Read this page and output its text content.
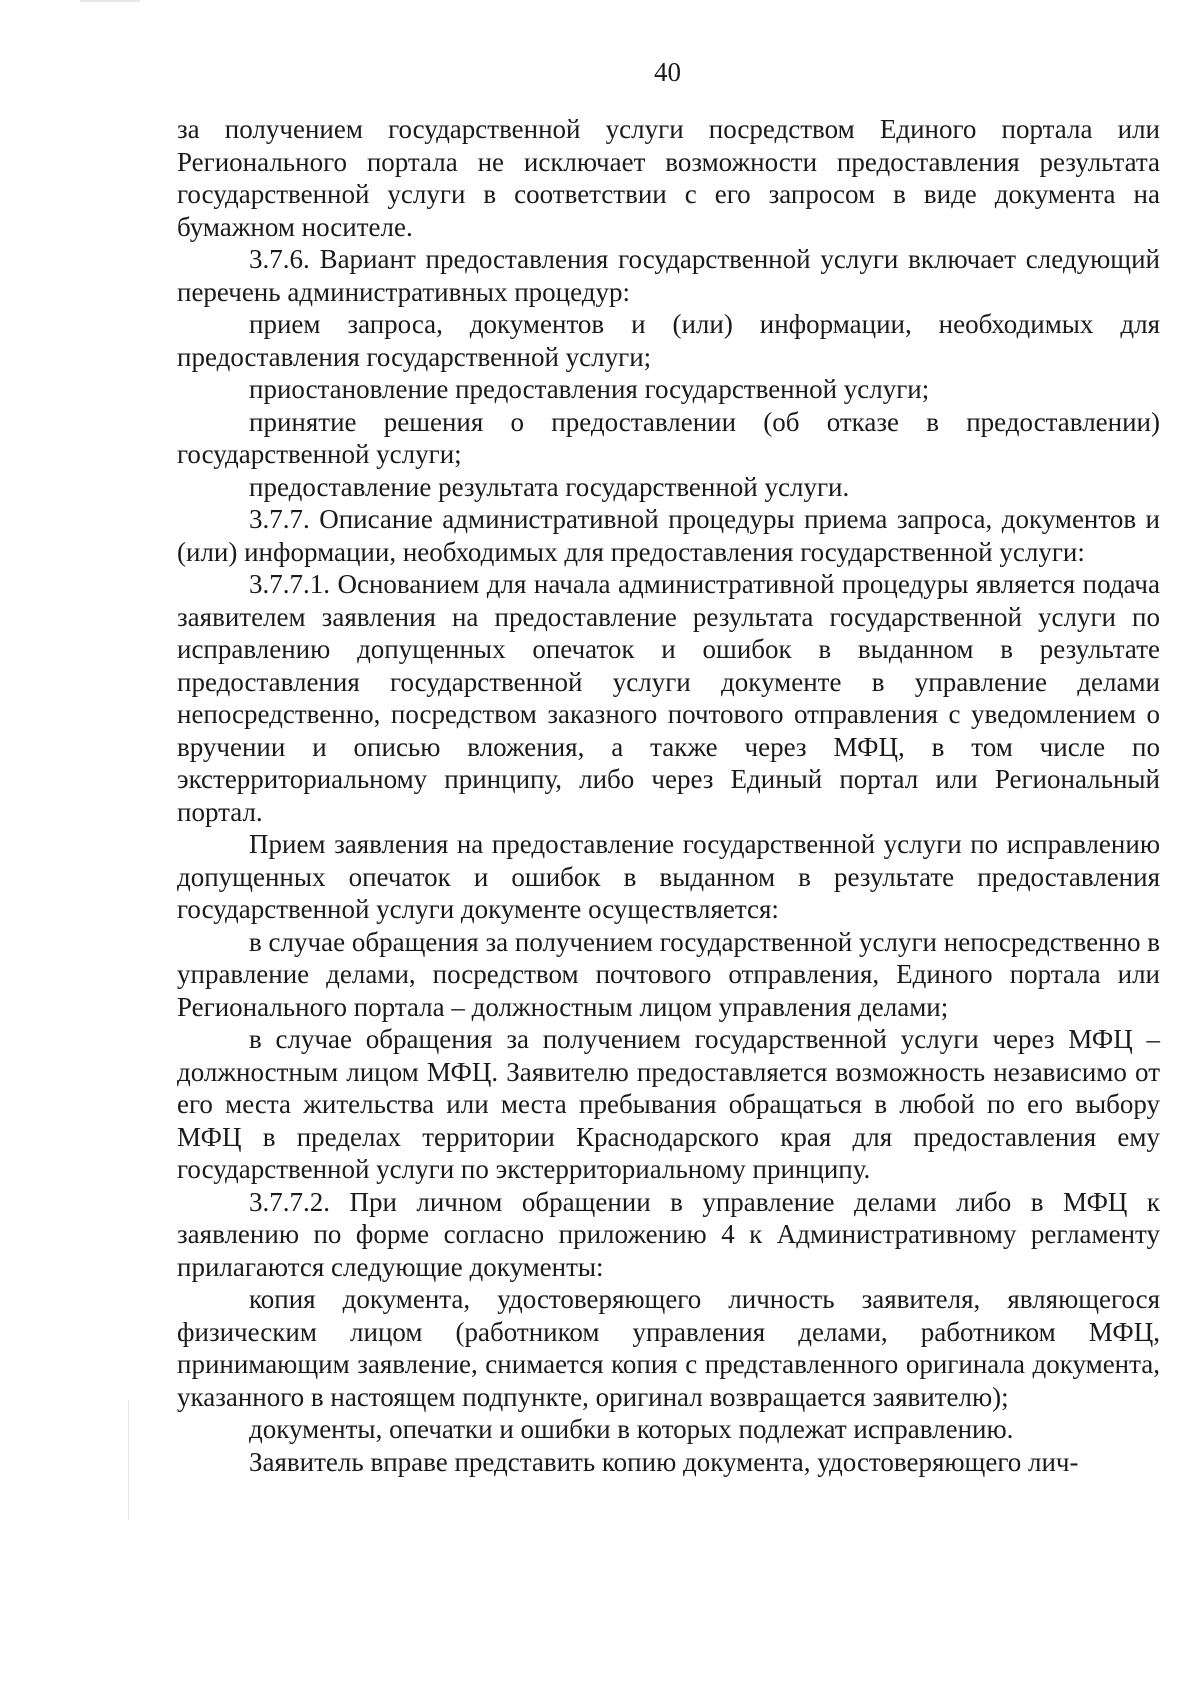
40

за получением государственной услуги посредством Единого портала или Регионального портала не исключает возможности предоставления результата государственной услуги в соответствии с его запросом в виде документа на бумажном носителе.

3.7.6. Вариант предоставления государственной услуги включает следующий перечень административных процедур:

прием запроса, документов и (или) информации, необходимых для предоставления государственной услуги;

приостановление предоставления государственной услуги;

принятие решения о предоставлении (об отказе в предоставлении) государственной услуги;

предоставление результата государственной услуги.

3.7.7. Описание административной процедуры приема запроса, документов и (или) информации, необходимых для предоставления государственной услуги:

3.7.7.1. Основанием для начала административной процедуры является подача заявителем заявления на предоставление результата государственной услуги по исправлению допущенных опечаток и ошибок в выданном в результате предоставления государственной услуги документе в управление делами непосредственно, посредством заказного почтового отправления с уведомлением о вручении и описью вложения, а также через МФЦ, в том числе по экстерриториальному принципу, либо через Единый портал или Региональный портал.

Прием заявления на предоставление государственной услуги по исправлению допущенных опечаток и ошибок в выданном в результате предоставления государственной услуги документе осуществляется:

в случае обращения за получением государственной услуги непосредственно в управление делами, посредством почтового отправления, Единого портала или Регионального портала – должностным лицом управления делами;

в случае обращения за получением государственной услуги через МФЦ – должностным лицом МФЦ. Заявителю предоставляется возможность независимо от его места жительства или места пребывания обращаться в любой по его выбору МФЦ в пределах территории Краснодарского края для предоставления ему государственной услуги по экстерриториальному принципу.

3.7.7.2. При личном обращении в управление делами либо в МФЦ к заявлению по форме согласно приложению 4 к Административному регламенту прилагаются следующие документы:

копия документа, удостоверяющего личность заявителя, являющегося физическим лицом (работником управления делами, работником МФЦ, принимающим заявление, снимается копия с представленного оригинала документа, указанного в настоящем подпункте, оригинал возвращается заявителю);

документы, опечатки и ошибки в которых подлежат исправлению.

Заявитель вправе представить копию документа, удостоверяющего лич-
